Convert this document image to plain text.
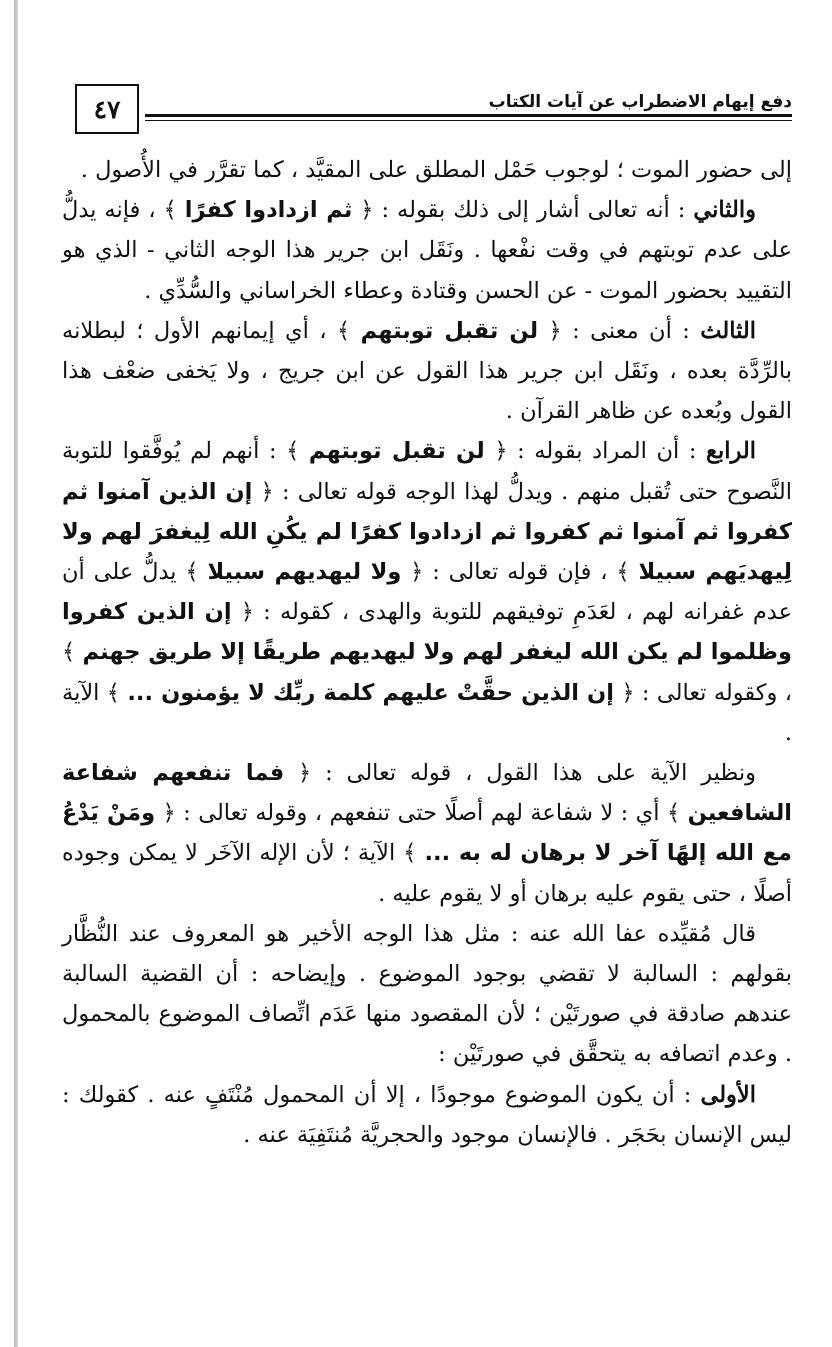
٤٧	دفع إيهام الاضطراب عن آيات الكتاب

إلى حضور الموت ؛ لوجوب حَمْل المطلق على المقيَّد ، كما تقرَّر في الأُصول .

والثاني : أنه تعالى أشار إلى ذلك بقوله : ﴿ ثم ازدادوا كفرًا ﴾ ، فإنه يدلُّ على عدم توبتهم في وقت نفْعها . ونَقَل ابن جرير هذا الوجه الثاني - الذي هو التقييد بحضور الموت - عن الحسن وقتادة وعطاء الخراساني والسُّدِّي .

الثالث : أن معنى : ﴿ لن تقبل توبتهم ﴾ ، أي إيمانهم الأول ؛ لبطلانه بالرِّدَّة بعده ، ونَقَل ابن جرير هذا القول عن ابن جريج ، ولا يَخفى ضعْف هذا القول وبُعده عن ظاهر القرآن .

الرابع : أن المراد بقوله : ﴿ لن تقبل توبتهم ﴾ : أنهم لم يُوفَّقوا للتوبة النَّصوح حتى تُقبل منهم . ويدلُّ لهذا الوجه قوله تعالى : ﴿ إن الذين آمنوا ثم كفروا ثم آمنوا ثم كفروا ثم ازدادوا كفرًا لم يكُنِ الله لِيغفرَ لهم ولا لِيهديَهم سبيلا ﴾ ، فإن قوله تعالى : ﴿ ولا ليهديهم سبيلا ﴾ يدلُّ على أن عدم غفرانه لهم ، لعَدَمِ توفيقهم للتوبة والهدى ، كقوله : ﴿ إن الذين كفروا وظلموا لم يكن الله ليغفر لهم ولا ليهديهم طريقًا إلا طريق جهنم ﴾ ، وكقوله تعالى : ﴿ إن الذين حقَّتْ عليهم كلمة ربِّك لا يؤمنون ... ﴾ الآية .

ونظير الآية على هذا القول ، قوله تعالى : ﴿ فما تنفعهم شفاعة الشافعين ﴾ أي : لا شفاعة لهم أصلًا حتى تنفعهم ، وقوله تعالى : ﴿ ومَنْ يَدْعُ مع الله إلهًا آخر لا برهان له به ... ﴾ الآية ؛ لأن الإله الآخَر لا يمكن وجوده أصلًا ، حتى يقوم عليه برهان أو لا يقوم عليه .

قال مُقيِّده عفا الله عنه : مثل هذا الوجه الأخير هو المعروف عند النُّظَّار بقولهم : السالبة لا تقضي بوجود الموضوع . وإيضاحه : أن القضية السالبة عندهم صادقة في صورتَيْن ؛ لأن المقصود منها عَدَم اتِّصاف الموضوع بالمحمول . وعدم اتصافه به يتحقَّق في صورتَيْن :

الأولى : أن يكون الموضوع موجودًا ، إلا أن المحمول مُنْتَفٍ عنه . كقولك : ليس الإنسان بحَجَر . فالإنسان موجود والحجريَّة مُنتَفِيَة عنه .
